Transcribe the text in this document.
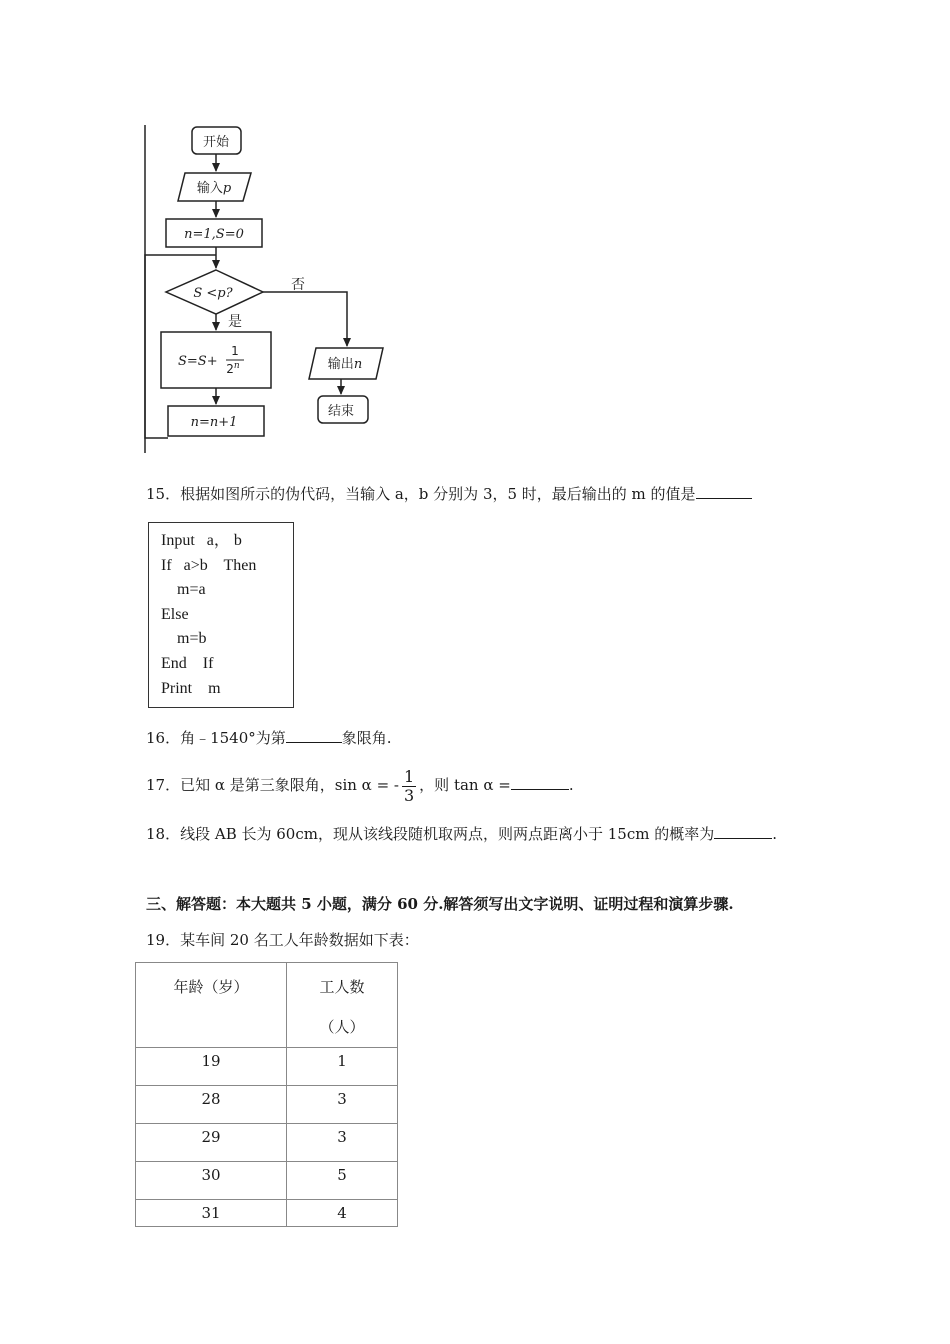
开始
输入p
n=1,S=0
S <p?
否
是
S=S+
1
2$^n$
n=n+1
输出n
结束
15．根据如图所示的伪代码，当输入 a，b 分别为 3，5 时，最后输出的 m 的值是
Input   a， b
If   a>b    Then
m=a
Else
m=b
End    If
Print    m
16．角﹣1540°为第	象限角.
17．已知 α 是第三象限角，sin α = - $\frac{1}{3}$ ，则 tan α =	.
18．线段 AB 长为 60cm，现从该线段随机取两点，则两点距离小于 15cm 的概率为	.
三、解答题：本大题共 5 小题，满分 60 分.解答须写出文字说明、证明过程和演算步骤.
19．某车间 20 名工人年龄数据如下表：
年龄（岁）	工人数
（人）
19	1
28	3
29	3
30	5
31	4
